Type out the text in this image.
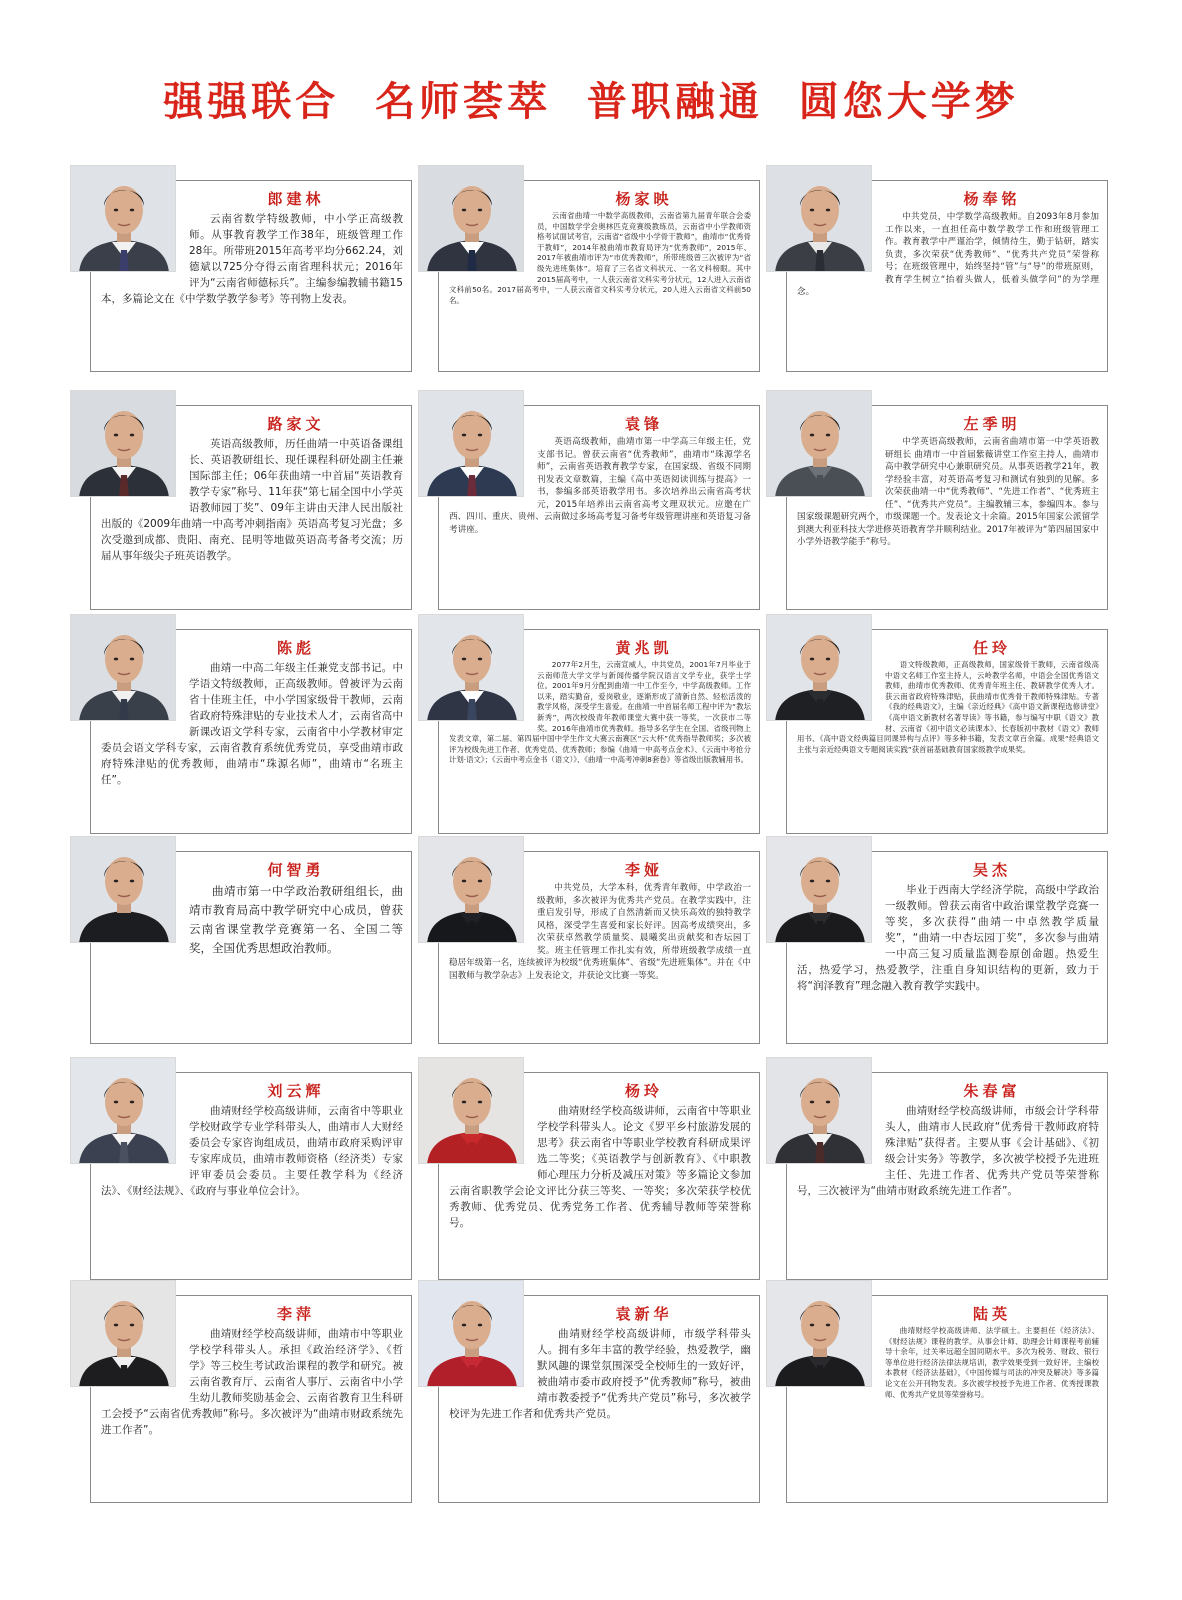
强强联合  名师荟萃  普职融通  圆您大学梦
郎建林

云南省数学特级教师，中小学正高级教师。从事教育教学工作38年，班级管理工作28年。所带班2015年高考平均分662.24，刘德斌以725分夺得云南省理科状元；2016年评为“云南省师德标兵”。主编参编教辅书籍15本，多篇论文在《中学数学教学参考》等刊物上发表。

杨家映

云南省曲靖一中数学高级教师，云南省第九届青年联合会委员，中国数学学会奥林匹克竞赛级教练员，云南省中小学教师资格考试面试考官，云南省“省级中小学骨干教师”，曲靖市“优秀骨干教师”，2014年被曲靖市教育局评为“优秀教师”，2015年、2017年被曲靖市评为“市优秀教师”，所带班级曾三次被评为“省级先进班集体”。培育了三名省文科状元、一名文科榜眼。其中2015届高考中，一人获云南省文科实考分状元，12人进入云南省文科前50名。2017届高考中，一人获云南省文科实考分状元，20人进入云南省文科前50名。

杨奉铭

中共党员，中学数学高级教师。自2093年8月参加工作以来，一直担任高中数学教学工作和班级管理工作。教育教学中严谨治学，倾情待生，勤于钻研，踏实负责，多次荣获“优秀教师”、“优秀共产党员”荣誉称号；在班级管理中，始终坚持“管”与“导”的带班原则，教育学生树立“抬着头做人，低着头做学问”的为学理念。

路家文

英语高级教师，历任曲靖一中英语备课组长、英语教研组长、现任课程科研处副主任兼国际部主任；06年获曲靖一中首届“英语教育教学专家”称号、11年获“第七届全国中小学英语教师园丁奖”、09年主讲由天津人民出版社出版的《2009年曲靖一中高考冲刺指南》英语高考复习光盘；多次受邀到成都、贵阳、南充、昆明等地做英语高考备考交流；历届从事年级尖子班英语教学。

袁锋

英语高级教师，曲靖市第一中学高三年级主任，党支部书记。曾获云南省“优秀教师”，曲靖市“珠源学名师”，云南省英语教育教学专家，在国家级、省级不同期刊发表文章数篇，主编《高中英语阅读训练与提高》一书，参编多部英语教学用书。多次培养出云南省高考状元，2015年培养出云南省高考文理双状元。应邀在广西、四川、重庆、贵州、云南做过多场高考复习备考年级管理讲座和英语复习备考讲座。

左季明

中学英语高级教师，云南省曲靖市第一中学英语教研组长 曲靖市一中首届紫薇讲堂工作室主持人，曲靖市高中教学研究中心兼职研究员。从事英语教学21年，教学经验丰富，对英语高考复习和测试有独到的见解。多次荣获曲靖一中“优秀教师”、“先进工作者”、“优秀班主任”、“优秀共产党员”。主编教辅三本，参编四本。参与国家级课题研究两个，市级课题一个。发表论文十余篇。2015年国家公派留学到澳大利亚科技大学进修英语教育学并顺利结业。2017年被评为“第四届国家中小学外语教学能手”称号。

陈彪

曲靖一中高二年级主任兼党支部书记。中学语文特级教师，正高级教师。曾被评为云南省十佳班主任，中小学国家级骨干教师，云南省政府特殊津贴的专业技术人才，云南省高中新课改语文学科专家，云南省中小学教材审定委员会语文学科专家，云南省教育系统优秀党员，享受曲靖市政府特殊津贴的优秀教师，曲靖市“珠源名师”，曲靖市“名班主任”。

黄兆凯

2077年2月生，云南宣威人，中共党员，2001年7月毕业于云南师范大学文学与新闻传播学院汉语言文学专业，获学士学位。2001年9月分配到曲靖一中工作至今，中学高级教师。工作以来，踏实勤奋，爱岗敬业，逐渐形成了清新自然、轻松活泼的教学风格，深受学生喜爱。在曲靖一中首届名师工程中评为“教坛新秀”，两次校级青年教师课堂大赛中获一等奖，一次获市二等奖。2016年曲靖市优秀教师。指导多名学生在全国、省级刊物上发表文章，第二届、第四届中国中学生作文大赛云南赛区“云大杯”优秀指导教师奖；多次被评为校级先进工作者、优秀党员、优秀教师；参编《曲靖一中高考点金术》、《云南中考抢分计划·语文》；《云南中考点金书（语文）》、《曲靖一中高考冲刺8套卷》等省级出版教辅用书。

任玲

语文特级教师，正高级教师，国家级骨干教师，云南省级高中语文名师工作室主持人，云岭教学名师，中语会全国优秀语文教师，曲靖市优秀教师、优秀青年班主任、教研教学优秀人才。获云南省政府特殊津贴，获曲靖市优秀骨干教师特殊津贴。专著《我的经典语文》，主编《亲近经典》《高中语文新课程选修讲堂》《高中语文新教材名著导读》等书籍，参与编写中职《语文》教材、云南省《初中语文必读课本》、长春版初中教材《语文》教师用书、《高中语文经典篇目同课异构与点评》等多种书籍，发表文章百余篇。成果“经典语文主张与亲近经典语文专题阅读实践”获首届基础教育国家级教学成果奖。

何智勇

曲靖市第一中学政治教研组组长，曲靖市教育局高中教学研究中心成员，曾获云南省课堂教学竞赛第一名、全国二等奖，全国优秀思想政治教师。

李娅

中共党员，大学本科，优秀青年教师，中学政治一级教师，多次被评为优秀共产党员。在教学实践中，注重启发引导，形成了自然清新而又快乐高效的独特教学风格，深受学生喜爱和家长好评。因高考成绩突出，多次荣获卓然教学质量奖、晨曦奖出贡献奖和杏坛园丁奖。班主任管理工作扎实有效，所带班级教学成绩一直稳居年级第一名，连续被评为校级“优秀班集体”、省级“先进班集体”。并在《中国教师与教学杂志》上发表论文，并获论文比赛一等奖。

吴杰

毕业于西南大学经济学院，高级中学政治一级教师。曾获云南省中政治课堂教学竞赛一等奖，多次获得“曲靖一中卓然教学质量奖”，“曲靖一中杏坛园丁奖”，多次参与曲靖一中高三复习质量监测卷原创命题。热爱生活，热爱学习，热爱教学，注重自身知识结构的更新，致力于将“润泽教育”理念融入教育教学实践中。

刘云辉

曲靖财经学校高级讲师，云南省中等职业学校财政学专业学科带头人，曲靖市人大财经委员会专家咨询组成员，曲靖市政府采购评审专家库成员，曲靖市教师资格（经济类）专家评审委员会委员。主要任教学科为《经济法》、《财经法规》、《政府与事业单位会计》。

杨玲

曲靖财经学校高级讲师，云南省中等职业学校学科带头人。论文《罗平乡村旅游发展的思考》获云南省中等职业学校教育科研成果评选二等奖；《英语教学与创新教育》、《中职教师心理压力分析及减压对策》等多篇论文参加云南省职教学会论文评比分获三等奖、一等奖；多次荣获学校优秀教师、优秀党员、优秀党务工作者、优秀辅导教师等荣誉称号。

朱春富

曲靖财经学校高级讲师，市级会计学科带头人，曲靖市人民政府“优秀骨干教师政府特殊津贴”获得者。主要从事《会计基础》、《初级会计实务》等教学，多次被学校授予先进班主任、先进工作者、优秀共产党员等荣誉称号，三次被评为“曲靖市财政系统先进工作者”。

李萍

曲靖财经学校高级讲师，曲靖市中等职业学校学科带头人。承担《政治经济学》、《哲学》等三校生考试政治课程的教学和研究。被云南省教育厅、云南省人事厅、云南省中小学生幼儿教师奖励基金会、云南省教育卫生科研工会授予“云南省优秀教师”称号。多次被评为“曲靖市财政系统先进工作者”。

袁新华

曲靖财经学校高级讲师，市级学科带头人。拥有多年丰富的教学经验，热爱教学，幽默风趣的课堂氛围深受全校师生的一致好评，被曲靖市委市政府授予“优秀教师”称号，被曲靖市教委授予“优秀共产党员”称号，多次被学校评为先进工作者和优秀共产党员。

陆英

曲靖财经学校高级讲师、法学硕士。主要担任《经济法》、《财经法规》课程的教学。从事会计师、助理会计师课程考前辅导十余年，过关率远超全国同期水平。多次为税务、财政、银行等单位进行经济法律法规培训，教学效果受到一致好评。主编校本教材《经济法基础》，《中国传媒与司法的冲突及解决》等多篇论文在公开刊物发表。多次被学校授予先进工作者、优秀授课教师、优秀共产党员等荣誉称号。
